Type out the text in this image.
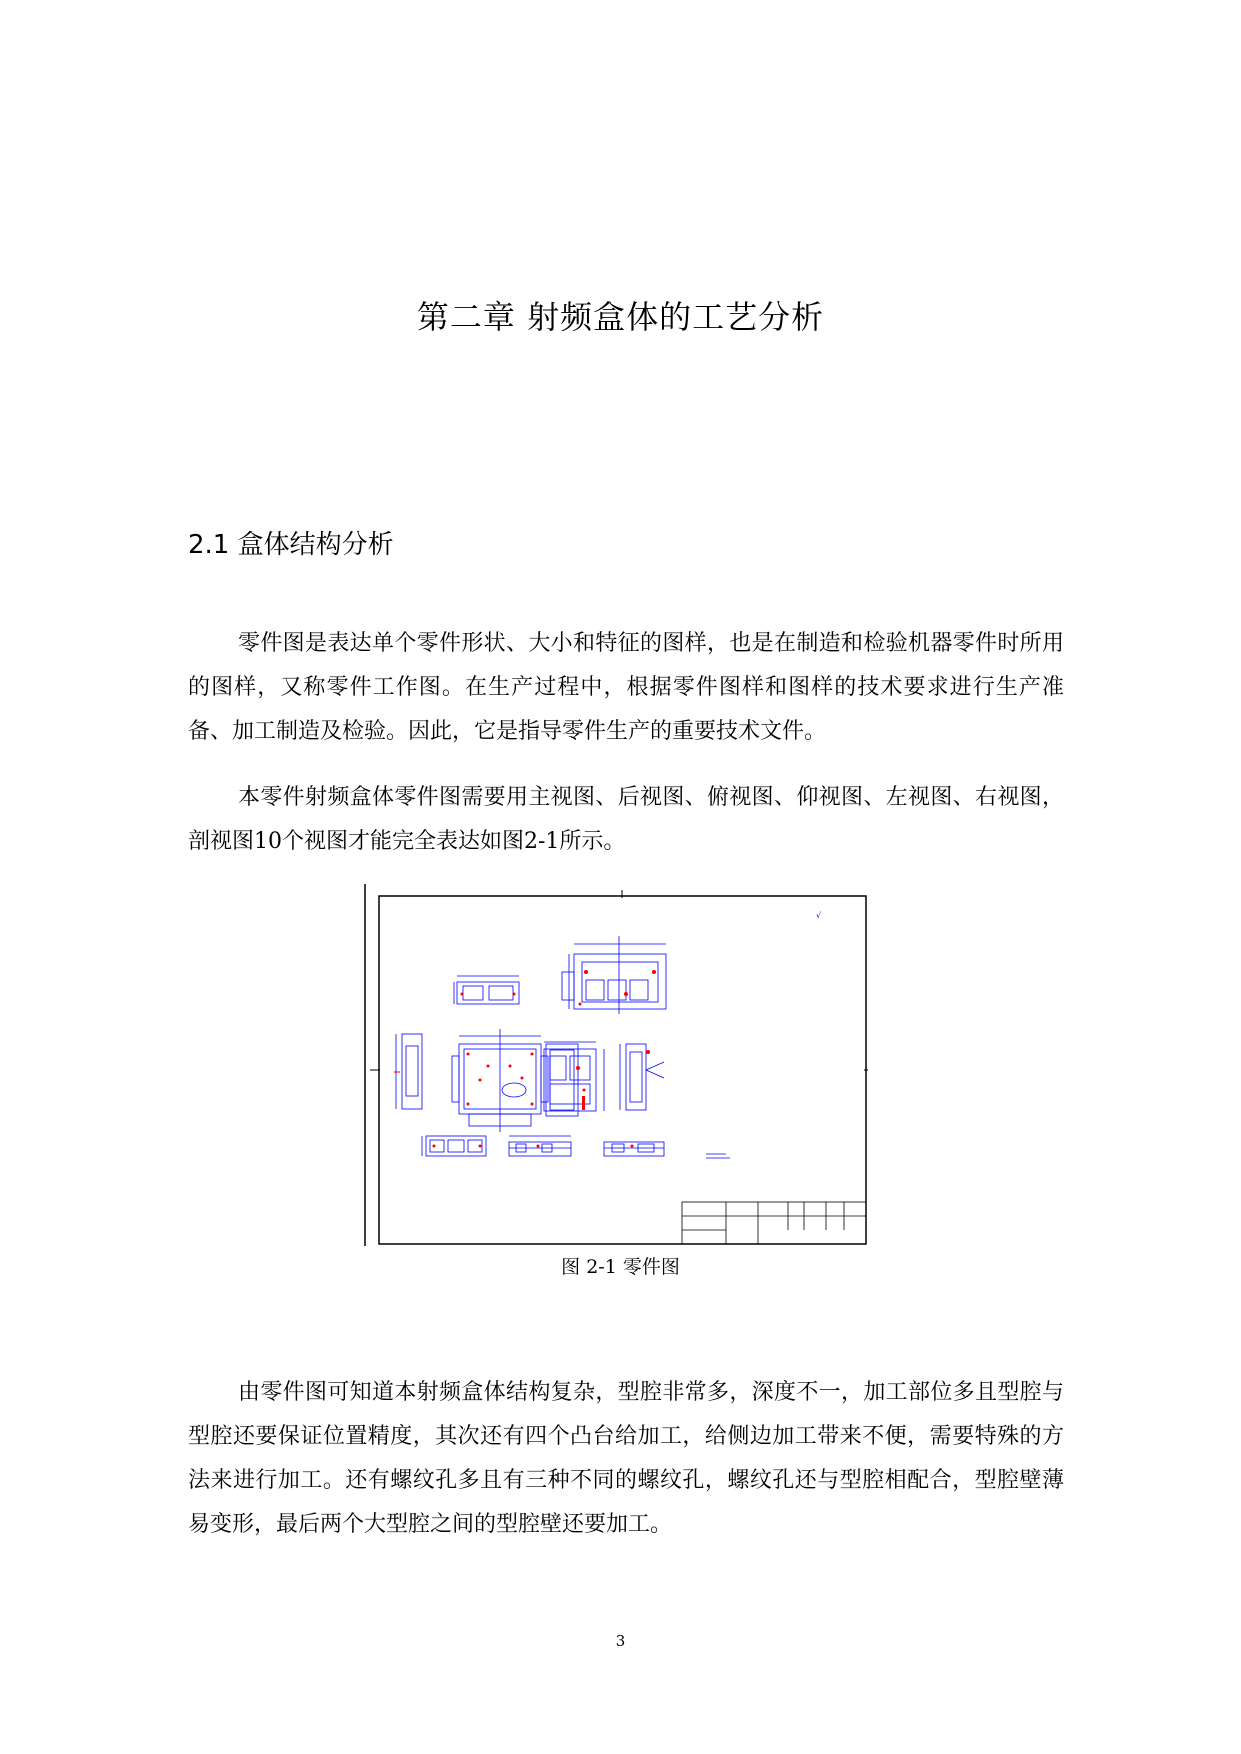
第二章 射频盒体的工艺分析
2.1 盒体结构分析

零件图是表达单个零件形状、大小和特征的图样，也是在制造和检验机器零件时所用的图样，又称零件工作图。在生产过程中，根据零件图样和图样的技术要求进行生产准备、加工制造及检验。因此，它是指导零件生产的重要技术文件。

本零件射频盒体零件图需要用主视图、后视图、俯视图、仰视图、左视图、右视图，剖视图10个视图才能完全表达如图2-1所示。

√
图 2-1 零件图

由零件图可知道本射频盒体结构复杂，型腔非常多，深度不一，加工部位多且型腔与型腔还要保证位置精度，其次还有四个凸台给加工，给侧边加工带来不便，需要特殊的方法来进行加工。还有螺纹孔多且有三种不同的螺纹孔，螺纹孔还与型腔相配合，型腔壁薄易变形，最后两个大型腔之间的型腔壁还要加工。

3
